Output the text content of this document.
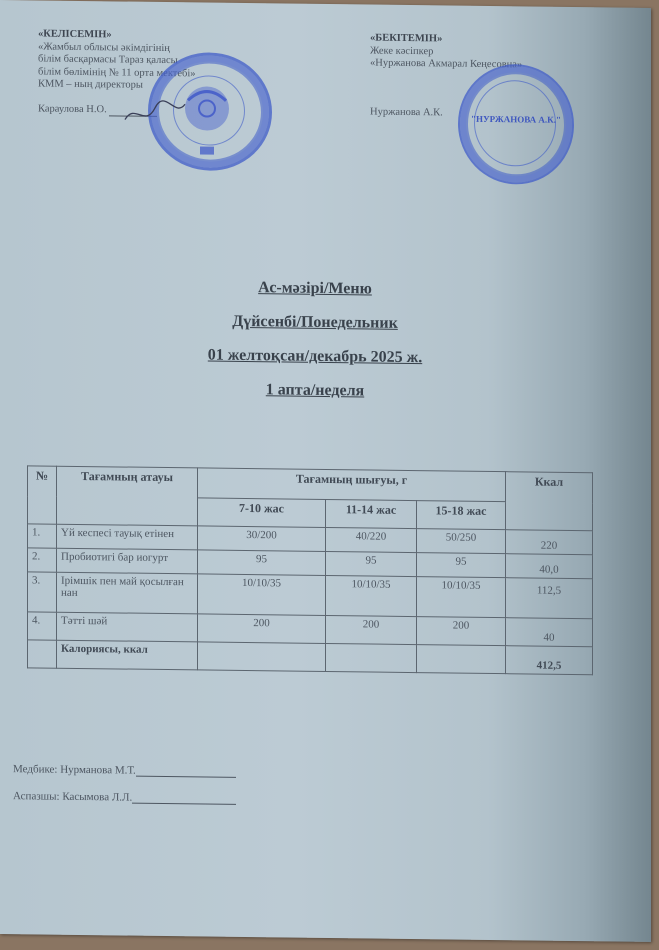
«КЕЛІСЕМІН»
«Жамбыл облысы әкімдігінің
білім басқармасы Тараз қаласы
білім бөлімінің № 11 орта мектебі»
КММ – ның директоры
Караулова Н.О.
«БЕКІТЕМІН»
Жеке кәсіпкер
«Нуржанова Акмарал Кеңесовна»
Нуржанова А.К.
"НУРЖАНОВА А.К."
Ас-мәзірі/Меню
Дүйсенбі/Понедельник
01 желтоқсан/декабрь 2025 ж.
1 апта/неделя
№	Тағамның атауы	Тағамның шығуы, г			Ккал
		7-10 жас	11-14 жас	15-18 жас	
1.	Үй кеспесі тауық етінен	30/200	40/220	50/250	220
2.	Пробиотигі бар иогурт	95	95	95	40,0
3.	Ірімшік пен май қосылған нан	10/10/35	10/10/35	10/10/35	112,5
4.	Тәтті шәй	200	200	200	40
	Калориясы, ккал				412,5
Медбике: Нурманова М.Т.
Аспазшы: Касымова Л.Л.
